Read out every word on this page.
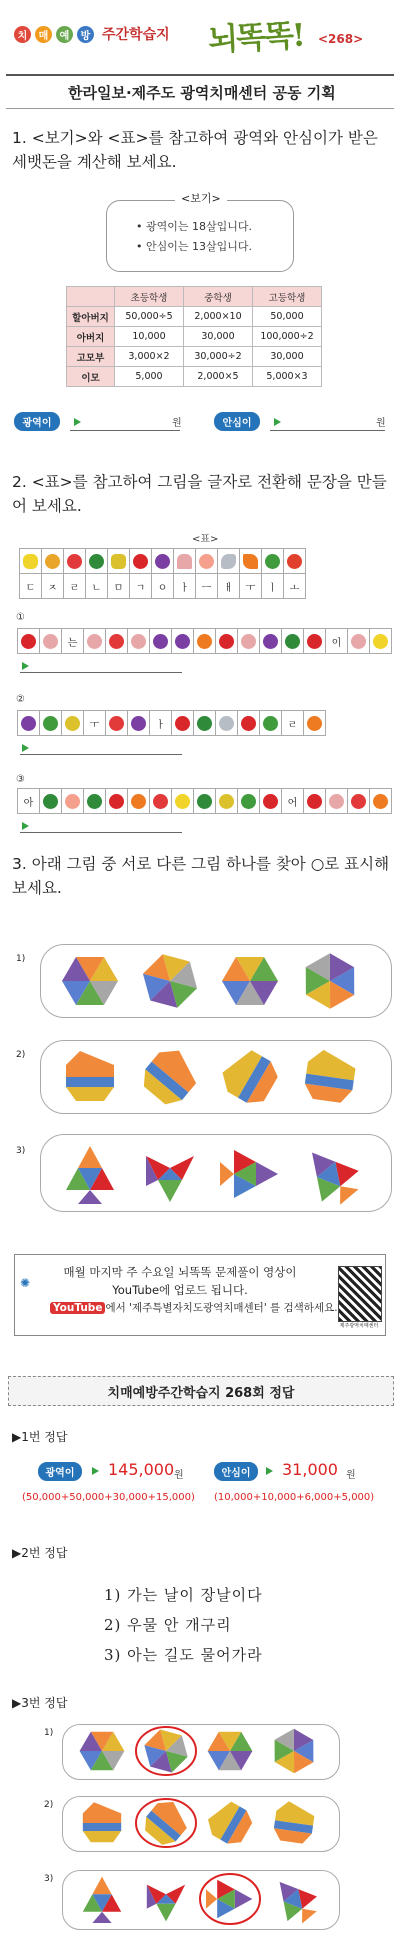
치	매	예	방 주간학습지 뇌똑똑! <268>
한라일보·제주도 광역치매센터 공동 기획
1. <보기>와 <표>를 참고하여 광역와 안심이가 받은 세뱃돈을 계산해 보세요.
<보기>
• 광역이는 18살입니다.
• 안심이는 13살입니다.
	초등학생	중학생	고등학생
할아버지	50,000÷5	2,000×10	50,000
아버지	10,000	30,000	100,000÷2
고모부	3,000×2	30,000÷2	30,000
이모	5,000	2,000×5	5,000×3
광역이	원	안심이	원
2. <표>를 참고하여 그림을 글자로 전환해 문장을 만들어 보세요.
<표>
ㄷ	ㅈ	ㄹ	ㄴ	ㅁ	ㄱ	ㅇ	ㅏ	ㅡ	ㅐ	ㅜ	ㅣ	ㅗ
①
는	이
②
ㅜ	ㅏ	ㄹ
③
아	어
3. 아래 그림 중 서로 다른 그림 하나를 찾아 ○로 표시해 보세요.
1)
2)
3)
✺
매월 마지막 주 수요일 뇌똑똑 문제풀이 영상이
YouTube에 업로드 됩니다.
YouTube 에서 '제주특별자치도광역치매센터' 를 검색하세요.
제주광역치매센터
치매예방주간학습지 268회 정답
▶1번 정답
광역이	145,000 원
(50,000+50,000+30,000+15,000)
안심이	31,000 원
(10,000+10,000+6,000+5,000)
▶2번 정답
1) 가는 날이 장날이다
2) 우물 안 개구리
3) 아는 길도 물어가라
▶3번 정답
1)
2)
3)
